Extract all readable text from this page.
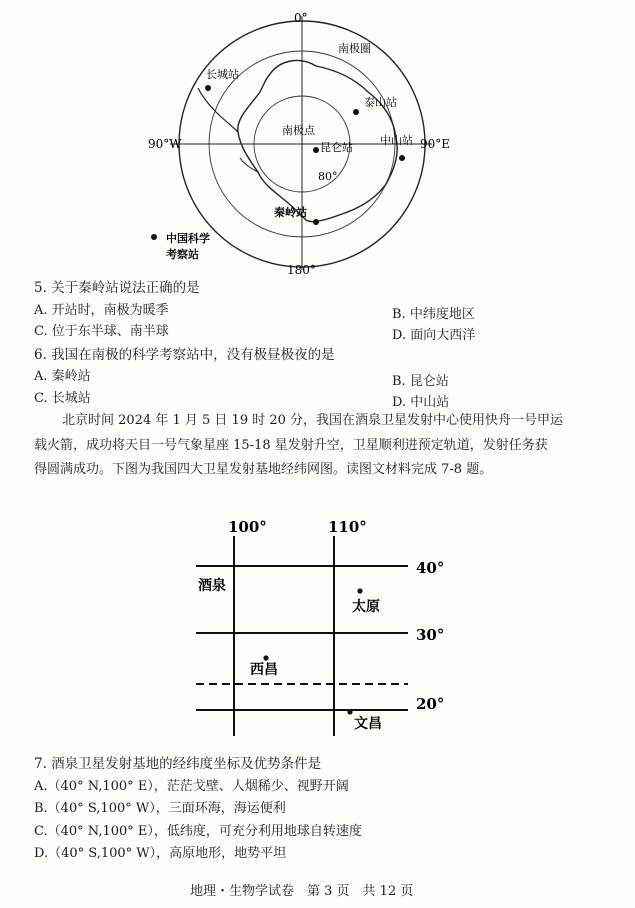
0°
180°
90°W	90°E
南极圈
南极点
80°
长城站
泰山站
中山站
昆仑站
秦岭站
中国科学
考察站
5. 关于秦岭站说法正确的是
A. 开站时，南极为暖季	B. 中纬度地区
C. 位于东半球、南半球	D. 面向大西洋
6. 我国在南极的科学考察站中，没有极昼极夜的是
A. 秦岭站	B. 昆仑站
C. 长城站	D. 中山站
北京时间 2024 年 1 月 5 日 19 时 20 分，我国在酒泉卫星发射中心使用快舟一号甲运
载火箭，成功将天目一号气象星座 15-18 星发射升空，卫星顺利进预定轨道，发射任务获
得圆满成功。下图为我国四大卫星发射基地经纬网图。读图文材料完成 7-8 题。
100°	110°
40°
30°
20°
酒泉
太原
西昌
文昌
7. 酒泉卫星发射基地的经纬度坐标及优势条件是
A.（40° N,100° E），茫茫戈壁、人烟稀少、视野开阔
B.（40° S,100° W），三面环海，海运便利
C.（40° N,100° E），低纬度，可充分利用地球自转速度
D.（40° S,100° W），高原地形，地势平坦
地理・生物学试卷　第 3 页　共 12 页
